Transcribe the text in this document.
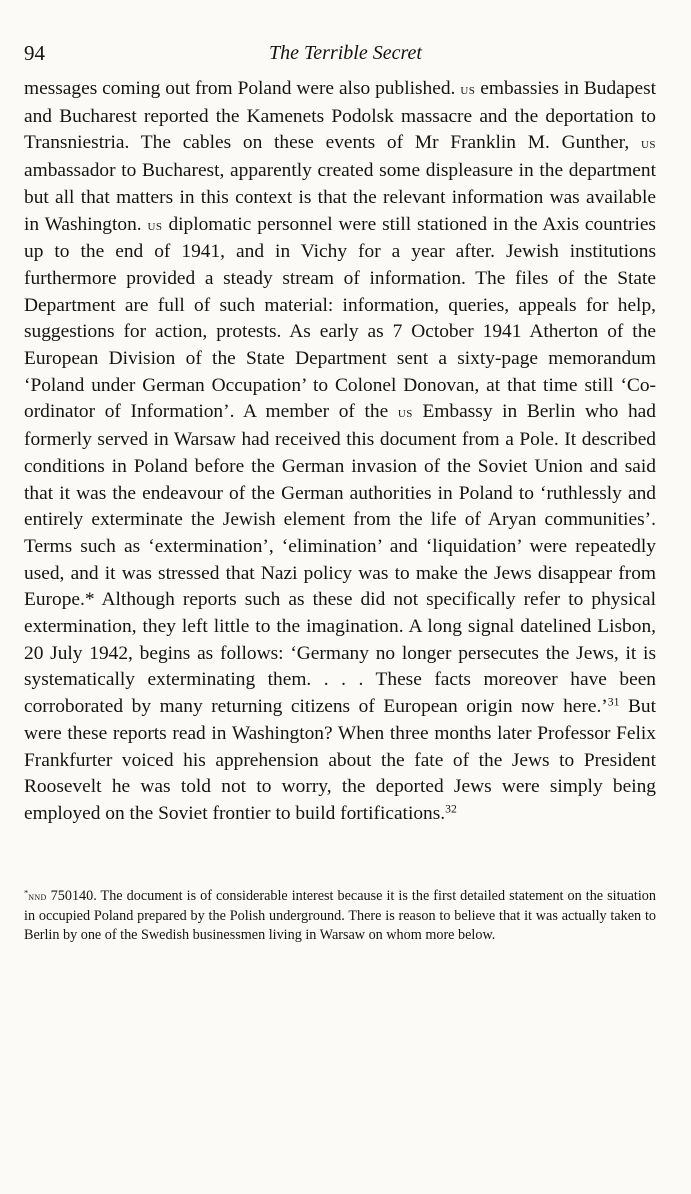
94	The Terrible Secret

messages coming out from Poland were also published. us embassies in Budapest and Bucharest reported the Kamenets Podolsk massacre and the deportation to Transniestria. The cables on these events of Mr Franklin M. Gunther, us ambassador to Bucharest, apparently created some displeasure in the department but all that matters in this context is that the relevant information was available in Washington. us diplomatic personnel were still stationed in the Axis countries up to the end of 1941, and in Vichy for a year after. Jewish institutions furthermore provided a steady stream of information. The files of the State Department are full of such material: information, queries, appeals for help, suggestions for action, protests. As early as 7 October 1941 Atherton of the European Division of the State Department sent a sixty-page memorandum ‘Poland under German Occupation’ to Colonel Donovan, at that time still ‘Co-ordinator of Information’. A member of the us Embassy in Berlin who had formerly served in Warsaw had received this document from a Pole. It described conditions in Poland before the German invasion of the Soviet Union and said that it was the endeavour of the German authorities in Poland to ‘ruthlessly and entirely exterminate the Jewish element from the life of Aryan communities’. Terms such as ‘extermination’, ‘elimination’ and ‘liquidation’ were repeatedly used, and it was stressed that Nazi policy was to make the Jews disappear from Europe.* Although reports such as these did not specifically refer to physical extermination, they left little to the imagination. A long signal datelined Lisbon, 20 July 1942, begins as follows: ‘Germany no longer persecutes the Jews, it is systematically exterminating them. . . . These facts moreover have been corroborated by many returning citizens of European origin now here.’$^{31}$ But were these reports read in Washington? When three months later Professor Felix Frankfurter voiced his apprehension about the fate of the Jews to President Roosevelt he was told not to worry, the deported Jews were simply being employed on the Soviet frontier to build fortifications.$^{32}$

*nnd 750140. The document is of considerable interest because it is the first detailed statement on the situation in occupied Poland prepared by the Polish underground. There is reason to believe that it was actually taken to Berlin by one of the Swedish businessmen living in Warsaw on whom more below.
